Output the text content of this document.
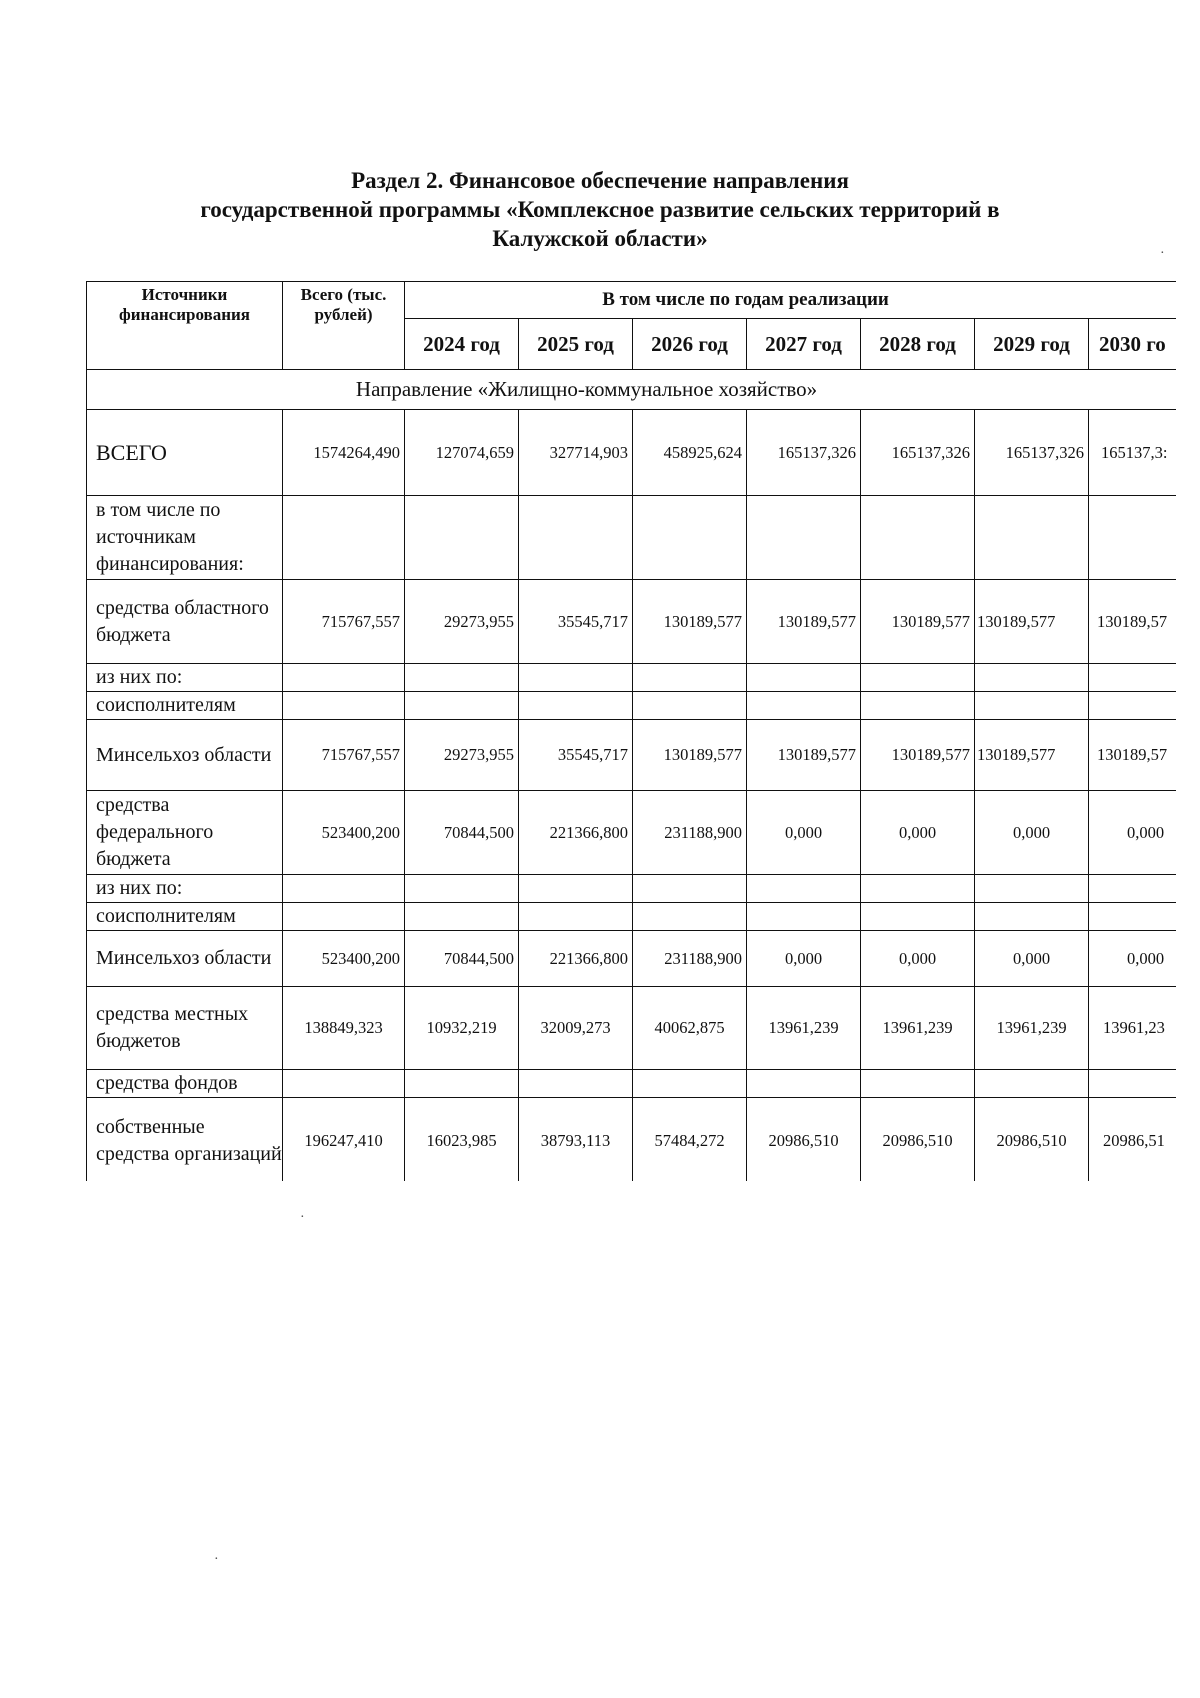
Раздел 2. Финансовое обеспечение направления
государственной программы «Комплексное развитие сельских территорий в
Калужской области»
Источники финансирования	Всего (тыс. рублей)	В том числе по годам реализации						
		2024 год	2025 год	2026 год	2027 год	2028 год	2029 год	2030 го
Направление «Жилищно-коммунальное хозяйство»								
ВСЕГО	1574264,490	127074,659	327714,903	458925,624	165137,326	165137,326	165137,326	165137,3:
в том числе по источникам финансирования:								
средства областного бюджета	715767,557	29273,955	35545,717	130189,577	130189,577	130189,577	130189,577	130189,57
из них по:								
соисполнителям								
Минсельхоз области	715767,557	29273,955	35545,717	130189,577	130189,577	130189,577	130189,577	130189,57
средства федерального бюджета	523400,200	70844,500	221366,800	231188,900	0,000	0,000	0,000	0,000
из них по:								
соисполнителям								
Минсельхоз области	523400,200	70844,500	221366,800	231188,900	0,000	0,000	0,000	0,000
средства местных бюджетов	138849,323	10932,219	32009,273	40062,875	13961,239	13961,239	13961,239	13961,23
средства фондов								
собственные средства организаций	196247,410	16023,985	38793,113	57484,272	20986,510	20986,510	20986,510	20986,51
·
·
·
